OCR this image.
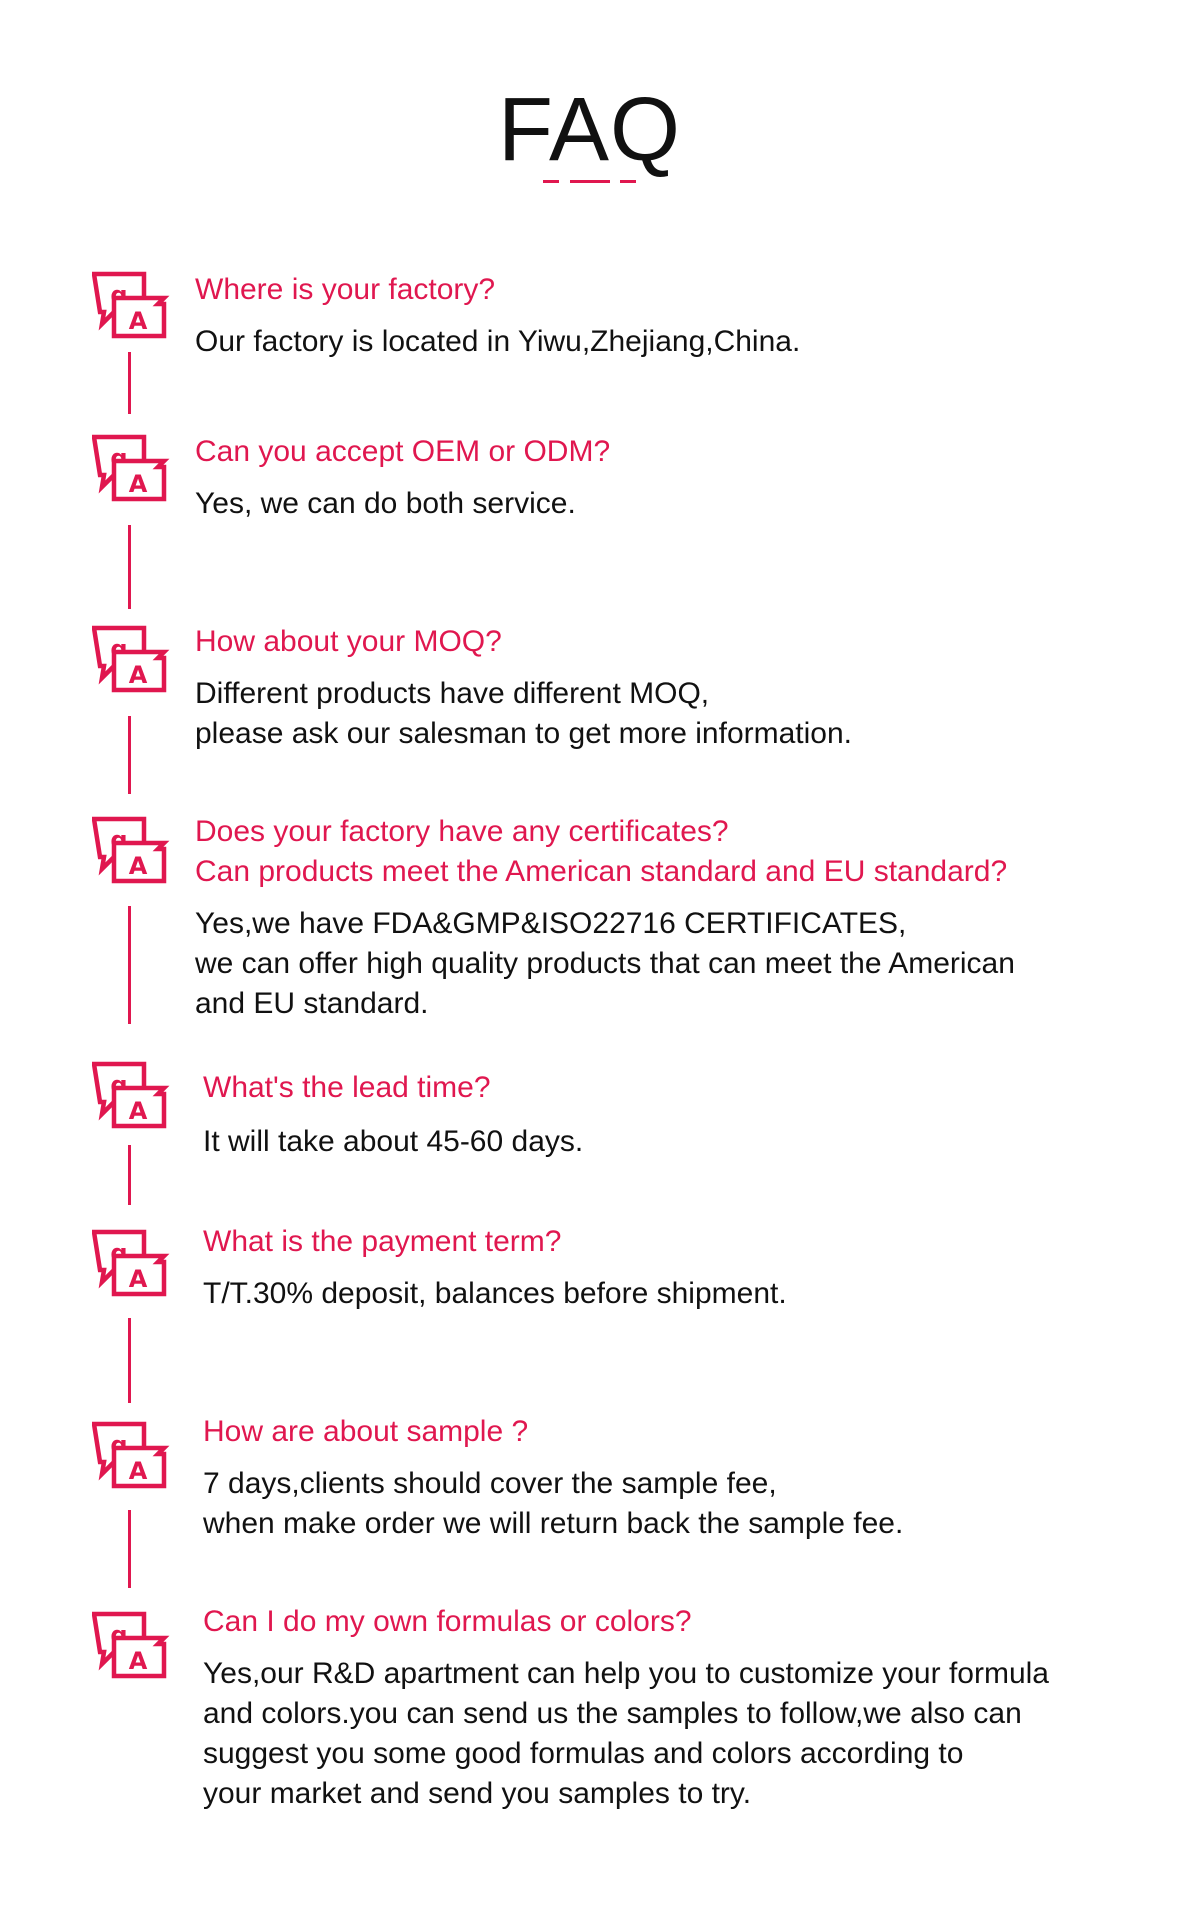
FAQ
Where is your factory?
Our factory is located in Yiwu,Zhejiang,China.
Can you accept OEM or ODM?
Yes, we can do both service.
How about your MOQ?
Different products have different MOQ,
please ask our salesman to get more information.
Does your factory have any certificates?
Can products meet the American standard and EU standard?
Yes,we have FDA&GMP&ISO22716 CERTIFICATES,
we can offer high quality products that can meet the American
and EU standard.
What's the lead time?
It will take about 45-60 days.
What is the payment term?
T/T.30% deposit, balances before shipment.
How are about sample ?
7 days,clients should cover the sample fee,
when make order we will return back the sample fee.
Can I do my own formulas or colors?
Yes,our R&D apartment can help you to customize your formula
and colors.you can send us the samples to follow,we also can
suggest you some good formulas and colors according to
your market and send you samples to try.
